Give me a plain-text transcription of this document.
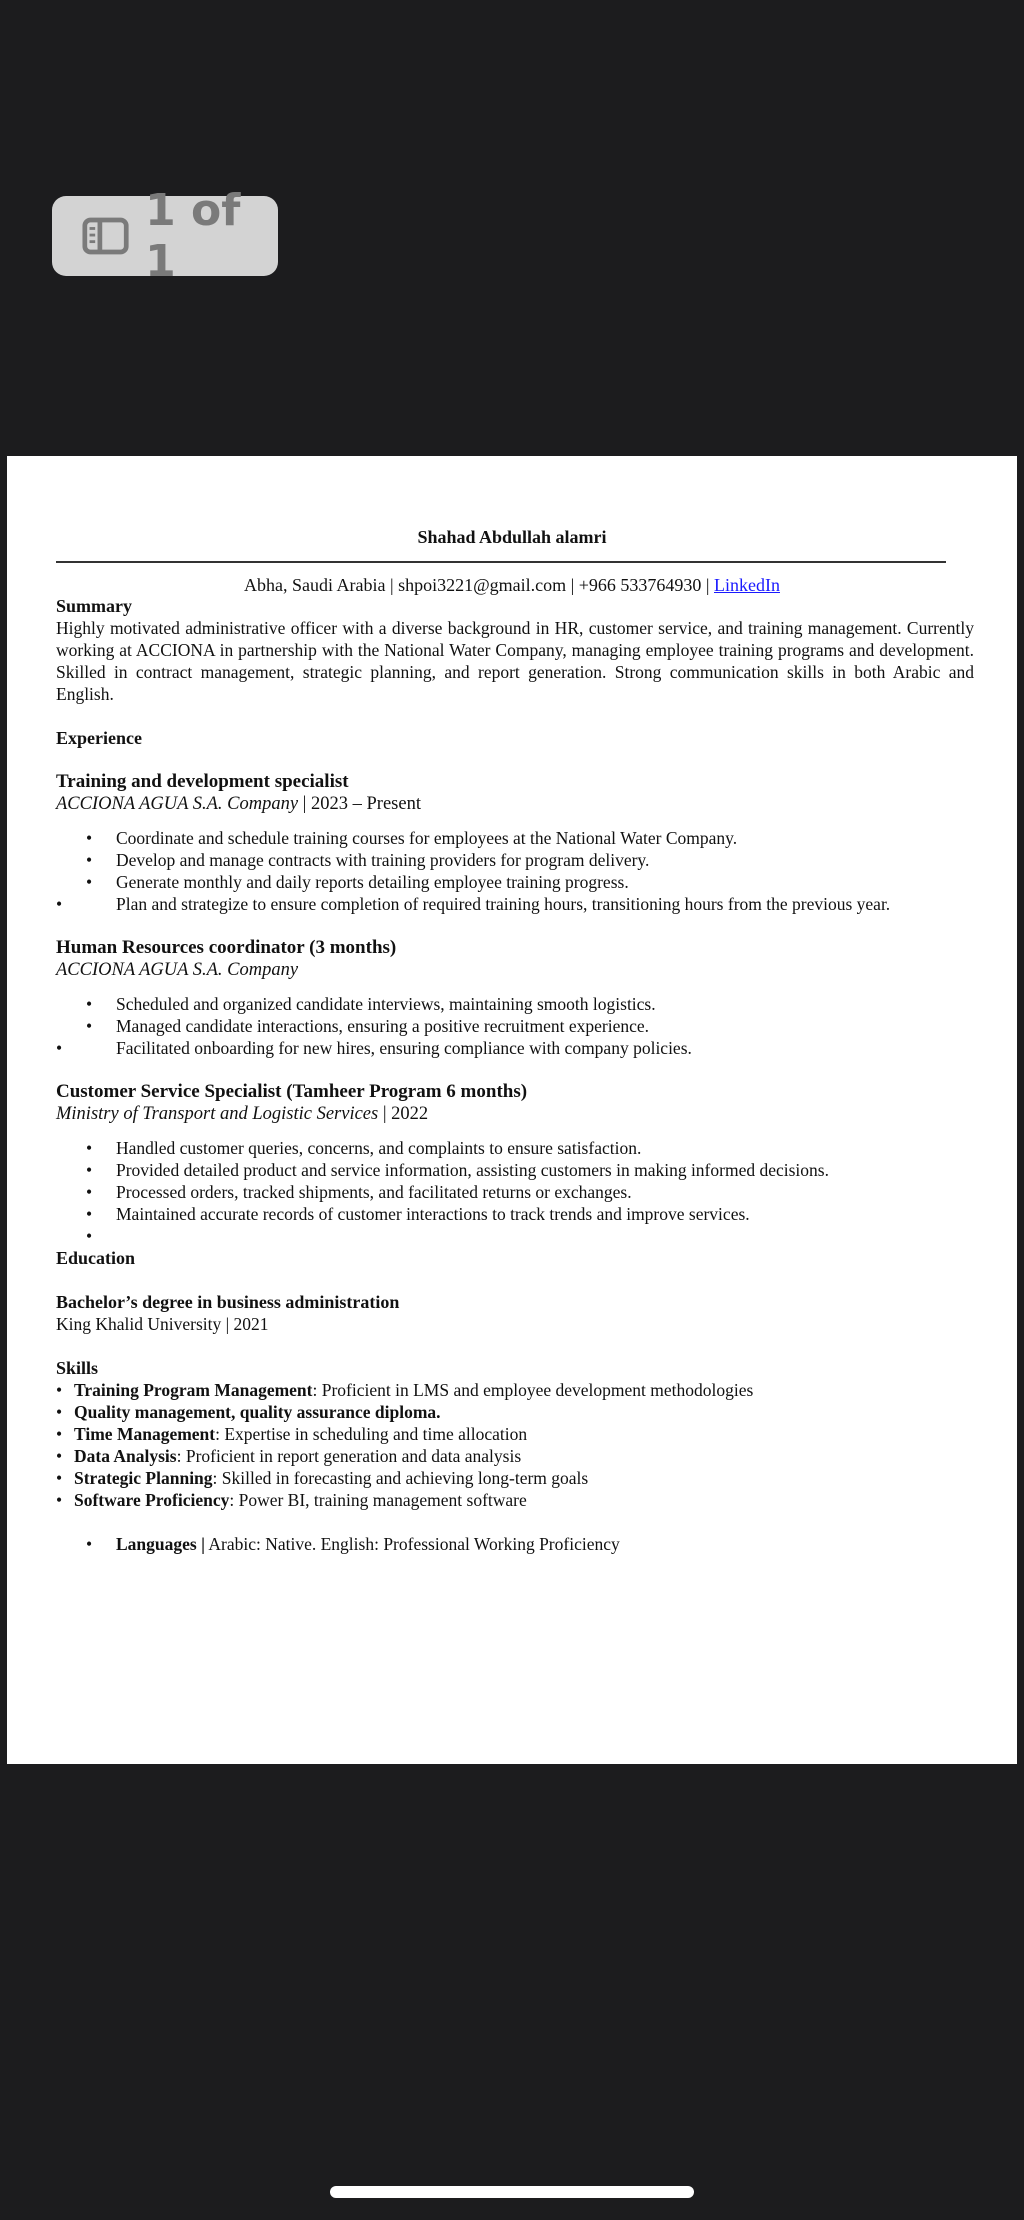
1 of 1
Shahad Abdullah alamri
Abha, Saudi Arabia | shpoi3221@gmail.com | +966 533764930 | LinkedIn
Summary
Highly motivated administrative officer with a diverse background in HR, customer service, and training management. Currently working at ACCIONA in partnership with the National Water Company, managing employee training programs and development. Skilled in contract management, strategic planning, and report generation. Strong communication skills in both Arabic and English.
Experience
Training and development specialist
ACCIONA AGUA S.A. Company | 2023 – Present
• Coordinate and schedule training courses for employees at the National Water Company.
• Develop and manage contracts with training providers for program delivery.
• Generate monthly and daily reports detailing employee training progress.
•	Plan and strategize to ensure completion of required training hours, transitioning hours from the previous year.
Human Resources coordinator (3 months)
ACCIONA AGUA S.A. Company
• Scheduled and organized candidate interviews, maintaining smooth logistics.
• Managed candidate interactions, ensuring a positive recruitment experience.
•	Facilitated onboarding for new hires, ensuring compliance with company policies.
Customer Service Specialist (Tamheer Program 6 months)
Ministry of Transport and Logistic Services | 2022
• Handled customer queries, concerns, and complaints to ensure satisfaction.
• Provided detailed product and service information, assisting customers in making informed decisions.
• Processed orders, tracked shipments, and facilitated returns or exchanges.
• Maintained accurate records of customer interactions to track trends and improve services.
•
Education
Bachelor’s degree in business administration
King Khalid University | 2021
Skills
• Training Program Management: Proficient in LMS and employee development methodologies
• Quality management, quality assurance diploma.
• Time Management: Expertise in scheduling and time allocation
• Data Analysis: Proficient in report generation and data analysis
• Strategic Planning: Skilled in forecasting and achieving long-term goals
• Software Proficiency: Power BI, training management software
• Languages | Arabic: Native. English: Professional Working Proficiency
